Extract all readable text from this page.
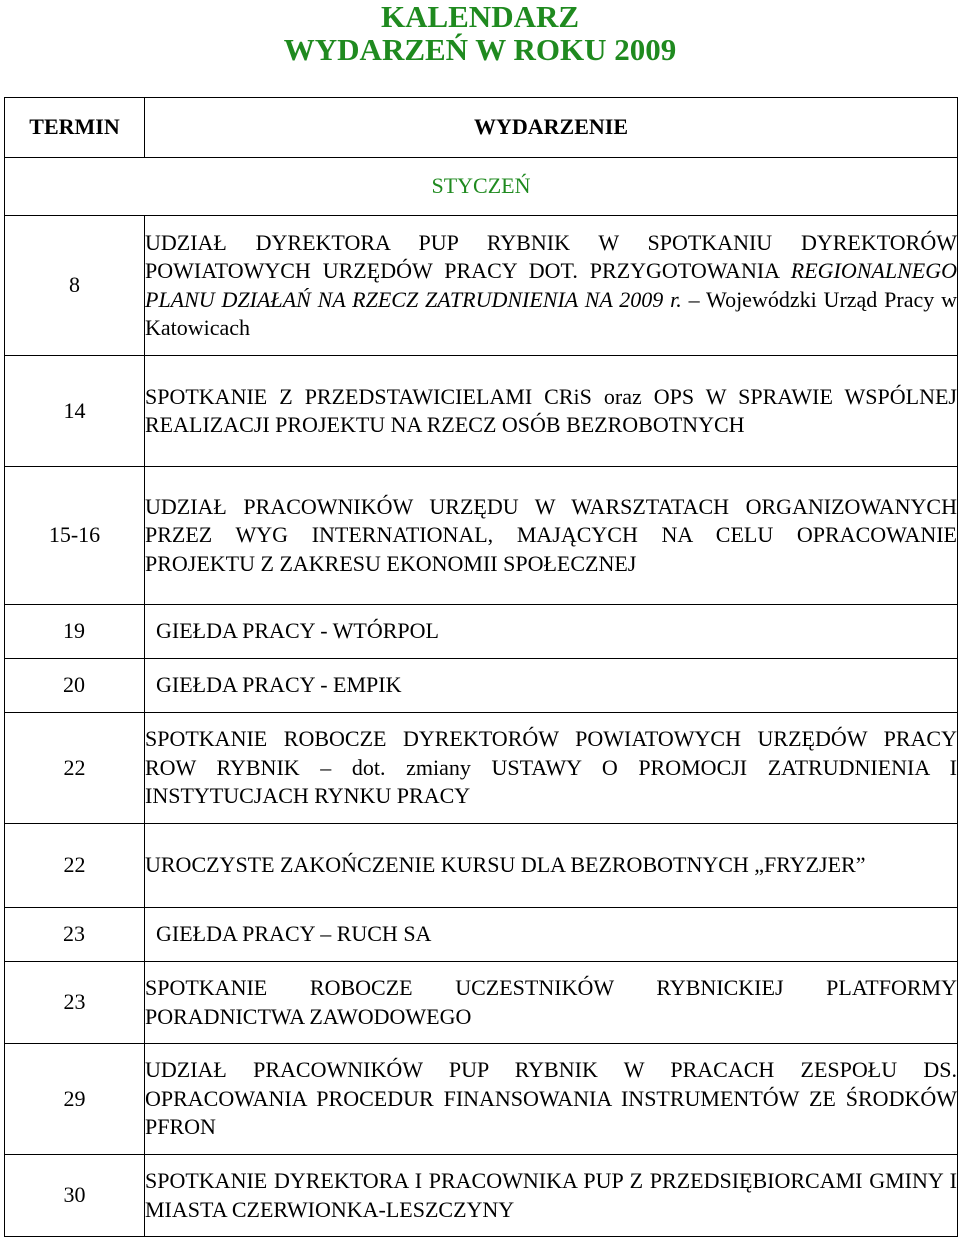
KALENDARZ
WYDARZEŃ W ROKU 2009
TERMIN	WYDARZENIE
STYCZEŃ	
8	UDZIAŁ DYREKTORA PUP RYBNIK W SPOTKANIU DYREKTORÓW POWIATOWYCH URZĘDÓW PRACY DOT. PRZYGOTOWANIA REGIONALNEGO PLANU DZIAŁAŃ NA RZECZ ZATRUDNIENIA NA 2009 r. – Wojewódzki Urząd Pracy w Katowicach
14	SPOTKANIE Z PRZEDSTAWICIELAMI CRiS oraz OPS W SPRAWIE WSPÓLNEJ REALIZACJI PROJEKTU NA RZECZ OSÓB BEZROBOTNYCH
15-16	UDZIAŁ PRACOWNIKÓW URZĘDU W WARSZTATACH ORGANIZOWANYCH PRZEZ WYG INTERNATIONAL, MAJĄCYCH NA CELU OPRACOWANIE PROJEKTU Z ZAKRESU EKONOMII SPOŁECZNEJ
19	GIEŁDA PRACY - WTÓRPOL
20	GIEŁDA PRACY - EMPIK
22	SPOTKANIE ROBOCZE DYREKTORÓW POWIATOWYCH URZĘDÓW PRACY ROW RYBNIK – dot. zmiany USTAWY O PROMOCJI ZATRUDNIENIA I INSTYTUCJACH RYNKU PRACY
22	UROCZYSTE ZAKOŃCZENIE KURSU DLA BEZROBOTNYCH „FRYZJER”
23	GIEŁDA PRACY – RUCH SA
23	SPOTKANIE ROBOCZE UCZESTNIKÓW RYBNICKIEJ PLATFORMY PORADNICTWA ZAWODOWEGO
29	UDZIAŁ PRACOWNIKÓW PUP RYBNIK W PRACACH ZESPOŁU DS. OPRACOWANIA PROCEDUR FINANSOWANIA INSTRUMENTÓW ZE ŚRODKÓW PFRON
30	SPOTKANIE DYREKTORA I PRACOWNIKA PUP Z PRZEDSIĘBIORCAMI GMINY I MIASTA CZERWIONKA-LESZCZYNY
